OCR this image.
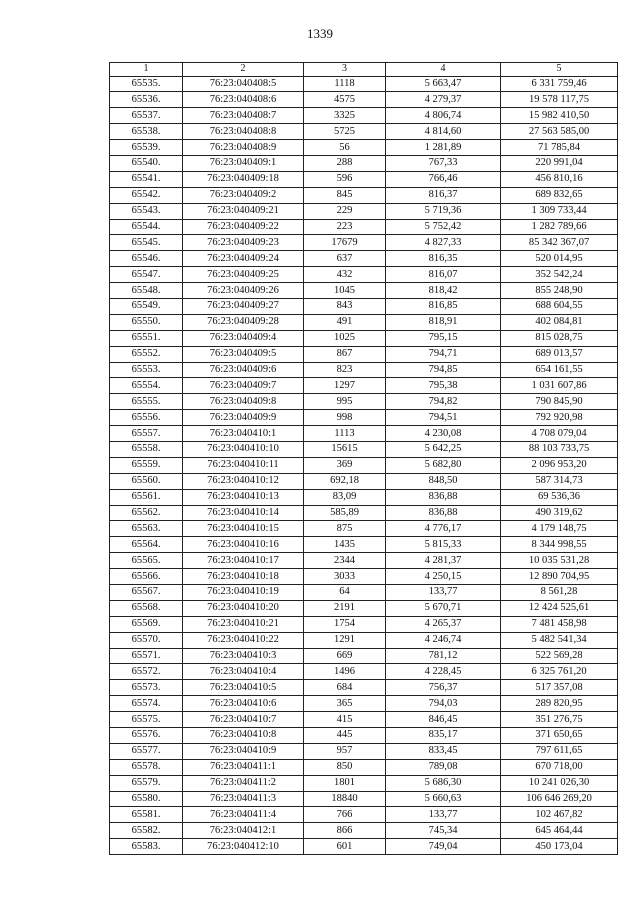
1339
1	2	3	4	5
65535.	76:23:040408:5	1118	5 663,47	6 331 759,46
65536.	76:23:040408:6	4575	4 279,37	19 578 117,75
65537.	76:23:040408:7	3325	4 806,74	15 982 410,50
65538.	76:23:040408:8	5725	4 814,60	27 563 585,00
65539.	76:23:040408:9	56	1 281,89	71 785,84
65540.	76:23:040409:1	288	767,33	220 991,04
65541.	76:23:040409:18	596	766,46	456 810,16
65542.	76:23:040409:2	845	816,37	689 832,65
65543.	76:23:040409:21	229	5 719,36	1 309 733,44
65544.	76:23:040409:22	223	5 752,42	1 282 789,66
65545.	76:23:040409:23	17679	4 827,33	85 342 367,07
65546.	76:23:040409:24	637	816,35	520 014,95
65547.	76:23:040409:25	432	816,07	352 542,24
65548.	76:23:040409:26	1045	818,42	855 248,90
65549.	76:23:040409:27	843	816,85	688 604,55
65550.	76:23:040409:28	491	818,91	402 084,81
65551.	76:23:040409:4	1025	795,15	815 028,75
65552.	76:23:040409:5	867	794,71	689 013,57
65553.	76:23:040409:6	823	794,85	654 161,55
65554.	76:23:040409:7	1297	795,38	1 031 607,86
65555.	76:23:040409:8	995	794,82	790 845,90
65556.	76:23:040409:9	998	794,51	792 920,98
65557.	76:23:040410:1	1113	4 230,08	4 708 079,04
65558.	76:23:040410:10	15615	5 642,25	88 103 733,75
65559.	76:23:040410:11	369	5 682,80	2 096 953,20
65560.	76:23:040410:12	692,18	848,50	587 314,73
65561.	76:23:040410:13	83,09	836,88	69 536,36
65562.	76:23:040410:14	585,89	836,88	490 319,62
65563.	76:23:040410:15	875	4 776,17	4 179 148,75
65564.	76:23:040410:16	1435	5 815,33	8 344 998,55
65565.	76:23:040410:17	2344	4 281,37	10 035 531,28
65566.	76:23:040410:18	3033	4 250,15	12 890 704,95
65567.	76:23:040410:19	64	133,77	8 561,28
65568.	76:23:040410:20	2191	5 670,71	12 424 525,61
65569.	76:23:040410:21	1754	4 265,37	7 481 458,98
65570.	76:23:040410:22	1291	4 246,74	5 482 541,34
65571.	76:23:040410:3	669	781,12	522 569,28
65572.	76:23:040410:4	1496	4 228,45	6 325 761,20
65573.	76:23:040410:5	684	756,37	517 357,08
65574.	76:23:040410:6	365	794,03	289 820,95
65575.	76:23:040410:7	415	846,45	351 276,75
65576.	76:23:040410:8	445	835,17	371 650,65
65577.	76:23:040410:9	957	833,45	797 611,65
65578.	76:23:040411:1	850	789,08	670 718,00
65579.	76:23:040411:2	1801	5 686,30	10 241 026,30
65580.	76:23:040411:3	18840	5 660,63	106 646 269,20
65581.	76:23:040411:4	766	133,77	102 467,82
65582.	76:23:040412:1	866	745,34	645 464,44
65583.	76:23:040412:10	601	749,04	450 173,04
